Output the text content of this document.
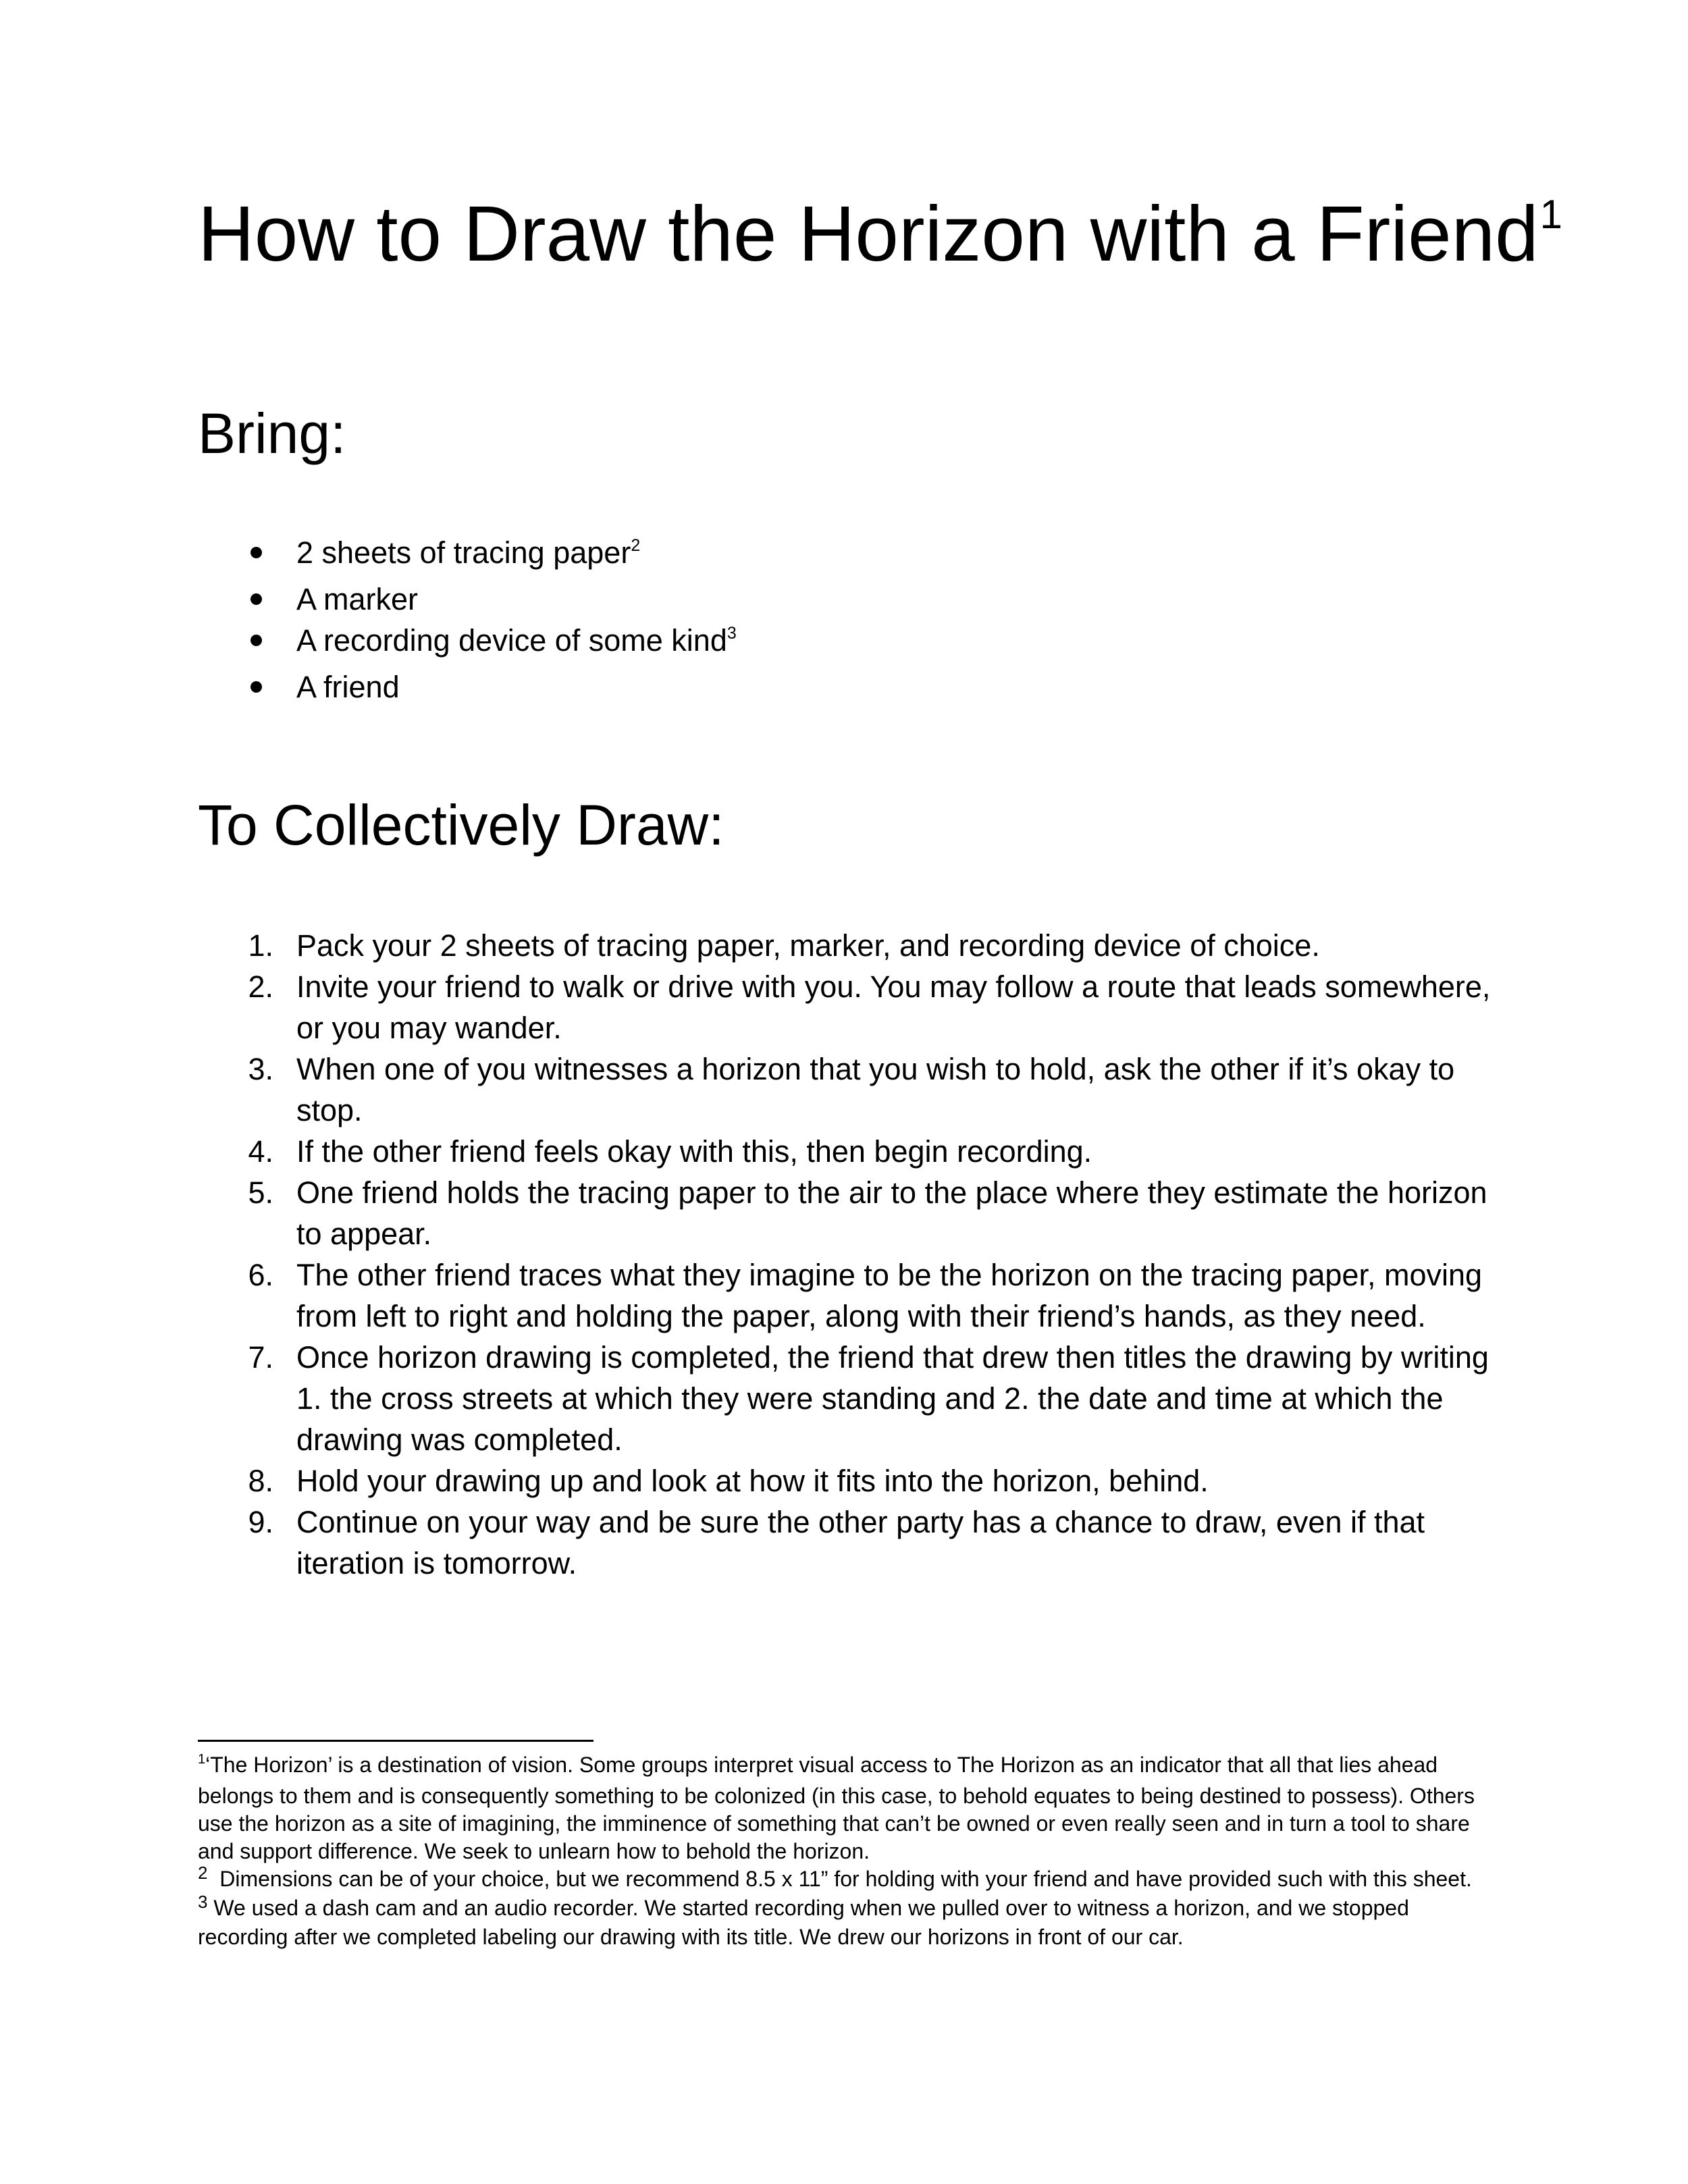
How to Draw the Horizon with a Friend$^1$
Bring:
2 sheets of tracing paper$^2$
A marker
A recording device of some kind$^3$
A friend
To Collectively Draw:
1. Pack your 2 sheets of tracing paper, marker, and recording device of choice.
2. Invite your friend to walk or drive with you. You may follow a route that leads somewhere, or you may wander.
3. When one of you witnesses a horizon that you wish to hold, ask the other if it’s okay to stop.
4. If the other friend feels okay with this, then begin recording.
5. One friend holds the tracing paper to the air to the place where they estimate the horizon to appear.
6. The other friend traces what they imagine to be the horizon on the tracing paper, moving from left to right and holding the paper, along with their friend’s hands, as they need.
7. Once horizon drawing is completed, the friend that drew then titles the drawing by writing 1. the cross streets at which they were standing and 2. the date and time at which the drawing was completed.
8. Hold your drawing up and look at how it fits into the horizon, behind.
9. Continue on your way and be sure the other party has a chance to draw, even if that iteration is tomorrow.

$^1$‘The Horizon’ is a destination of vision. Some groups interpret visual access to The Horizon as an indicator that all that lies ahead belongs to them and is consequently something to be colonized (in this case, to behold equates to being destined to possess). Others use the horizon as a site of imagining, the imminence of something that can’t be owned or even really seen and in turn a tool to share and support difference. We seek to unlearn how to behold the horizon.

$^2$  Dimensions can be of your choice, but we recommend 8.5 x 11” for holding with your friend and have provided such with this sheet.

$^3$ We used a dash cam and an audio recorder. We started recording when we pulled over to witness a horizon, and we stopped recording after we completed labeling our drawing with its title. We drew our horizons in front of our car.
